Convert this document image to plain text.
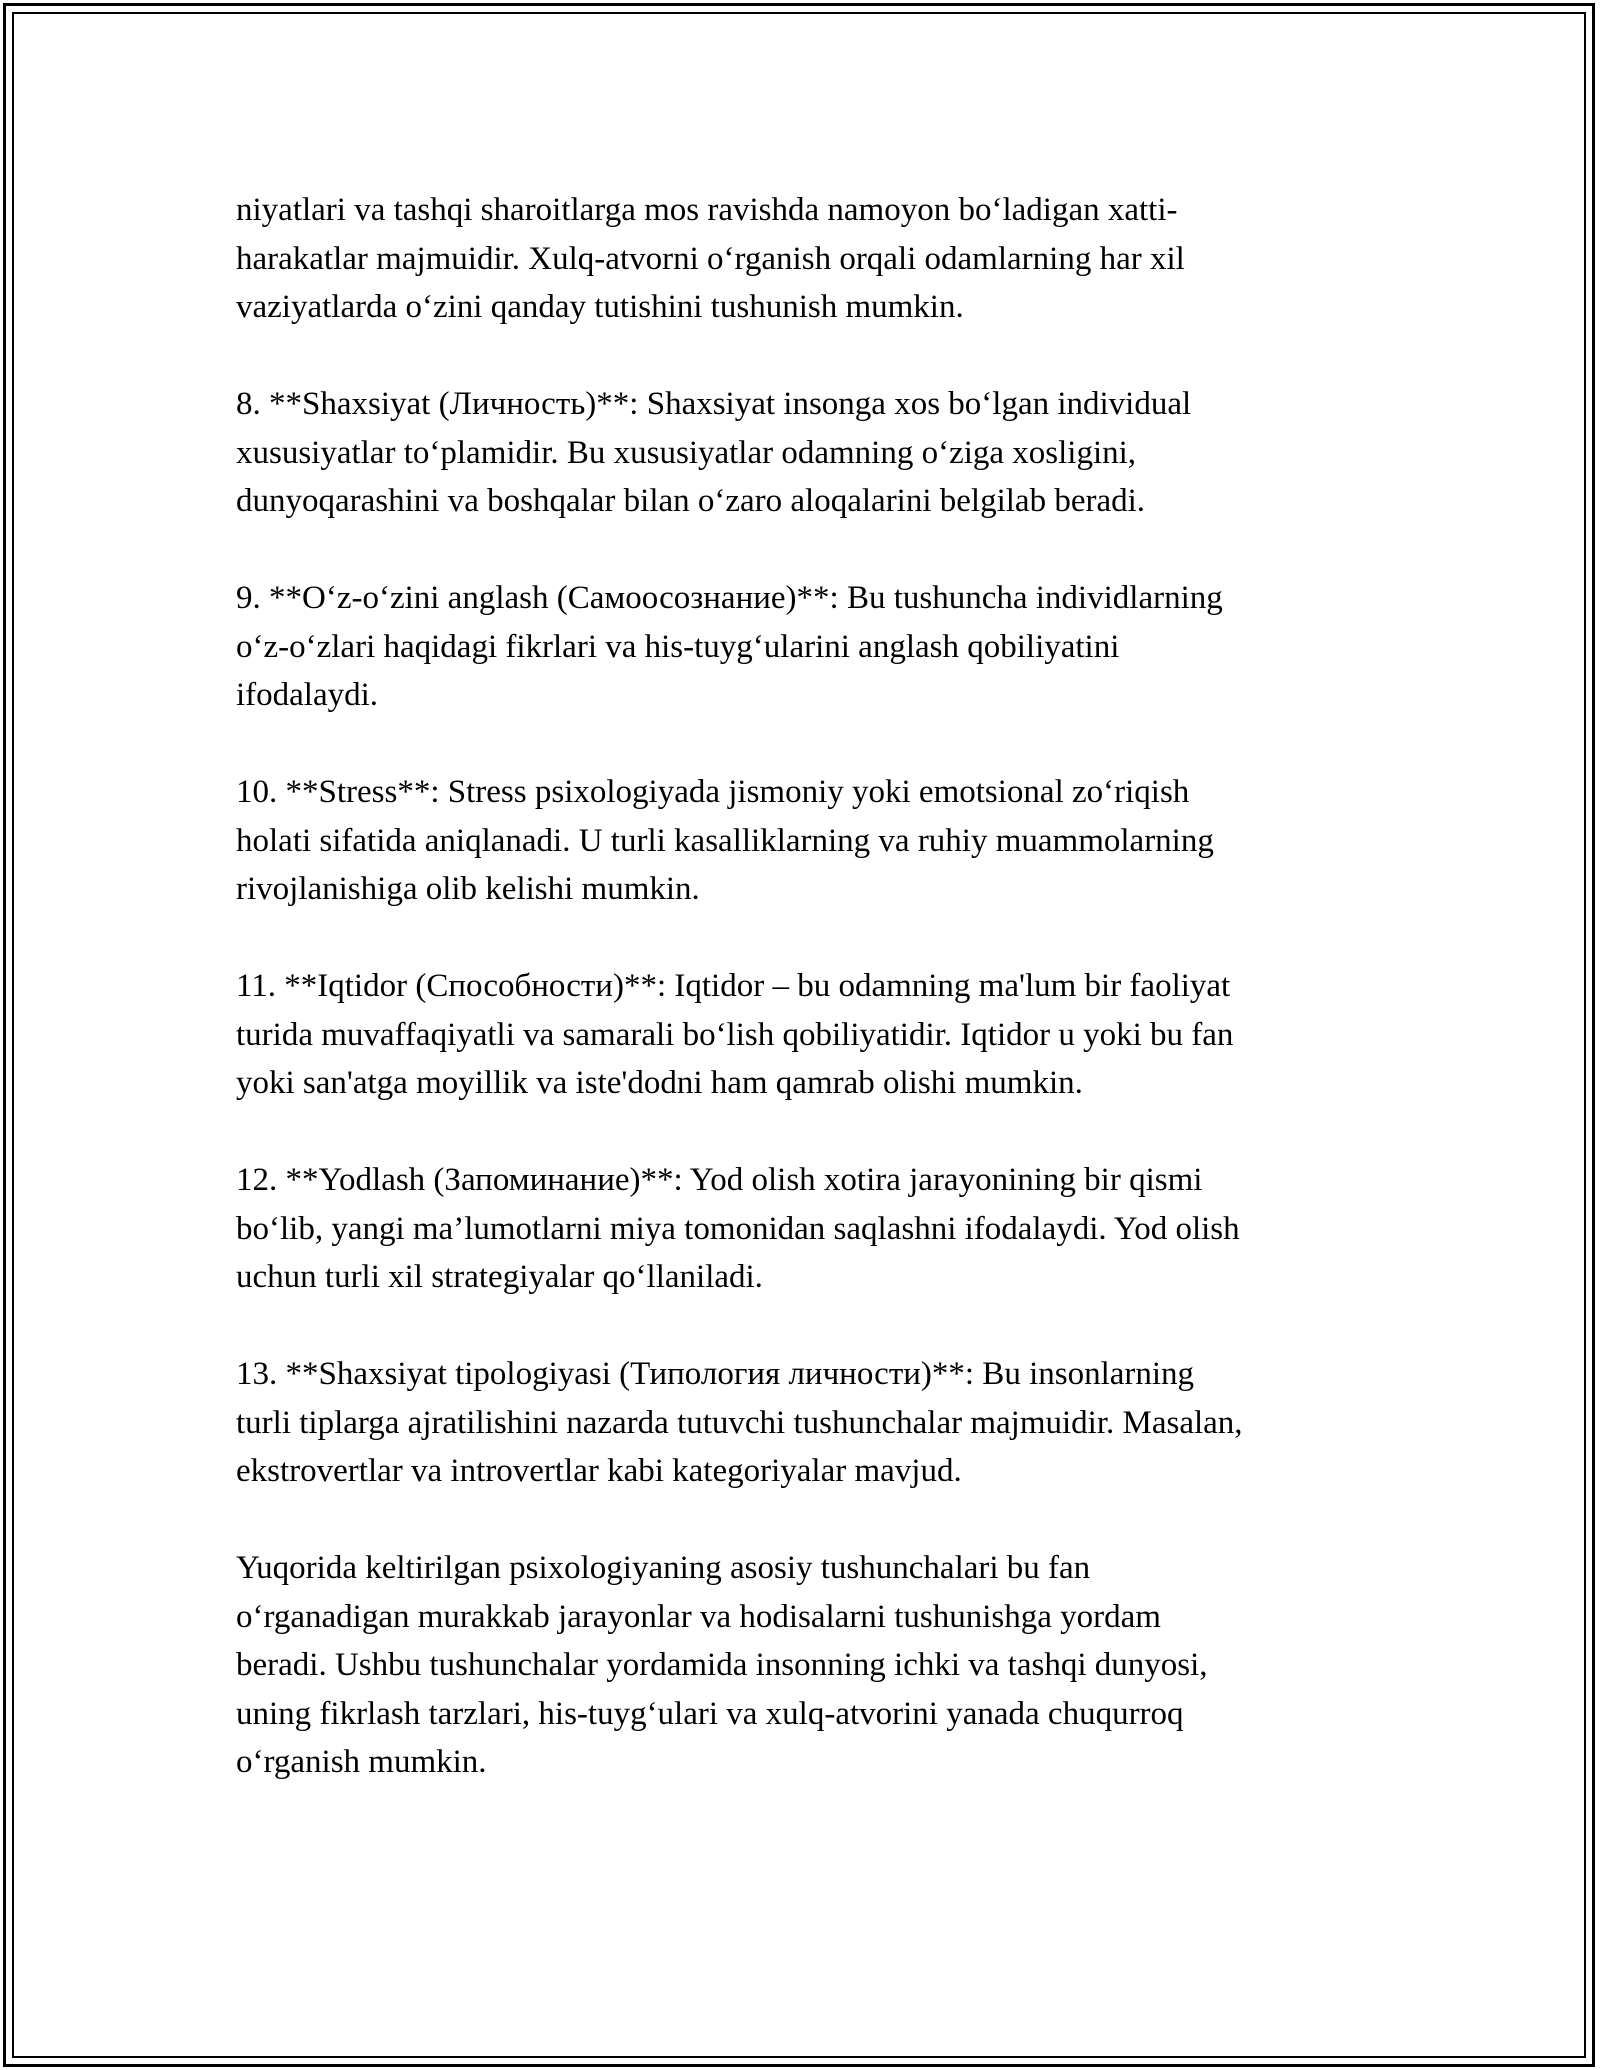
niyatlari va tashqi sharoitlarga mos ravishda namoyon bo‘ladigan xatti-
harakatlar majmuidir. Xulq-atvorni o‘rganish orqali odamlarning har xil
vaziyatlarda o‘zini qanday tutishini tushunish mumkin.

8. **Shaxsiyat (Личность)**: Shaxsiyat insonga xos bo‘lgan individual
xususiyatlar to‘plamidir. Bu xususiyatlar odamning o‘ziga xosligini,
dunyoqarashini va boshqalar bilan o‘zaro aloqalarini belgilab beradi.

9. **O‘z-o‘zini anglash (Самоосознание)**: Bu tushuncha individlarning
o‘z-o‘zlari haqidagi fikrlari va his-tuyg‘ularini anglash qobiliyatini
ifodalaydi.

10. **Stress**: Stress psixologiyada jismoniy yoki emotsional zo‘riqish
holati sifatida aniqlanadi. U turli kasalliklarning va ruhiy muammolarning
rivojlanishiga olib kelishi mumkin.

11. **Iqtidor (Способности)**: Iqtidor – bu odamning ma'lum bir faoliyat
turida muvaffaqiyatli va samarali bo‘lish qobiliyatidir. Iqtidor u yoki bu fan
yoki san'atga moyillik va iste'dodni ham qamrab olishi mumkin.

12. **Yodlash (Запоминание)**: Yod olish xotira jarayonining bir qismi
bo‘lib, yangi ma’lumotlarni miya tomonidan saqlashni ifodalaydi. Yod olish
uchun turli xil strategiyalar qo‘llaniladi.

13. **Shaxsiyat tipologiyasi (Типология личности)**: Bu insonlarning
turli tiplarga ajratilishini nazarda tutuvchi tushunchalar majmuidir. Masalan,
ekstrovertlar va introvertlar kabi kategoriyalar mavjud.

Yuqorida keltirilgan psixologiyaning asosiy tushunchalari bu fan
o‘rganadigan murakkab jarayonlar va hodisalarni tushunishga yordam
beradi. Ushbu tushunchalar yordamida insonning ichki va tashqi dunyosi,
uning fikrlash tarzlari, his-tuyg‘ulari va xulq-atvorini yanada chuqurroq
o‘rganish mumkin.
